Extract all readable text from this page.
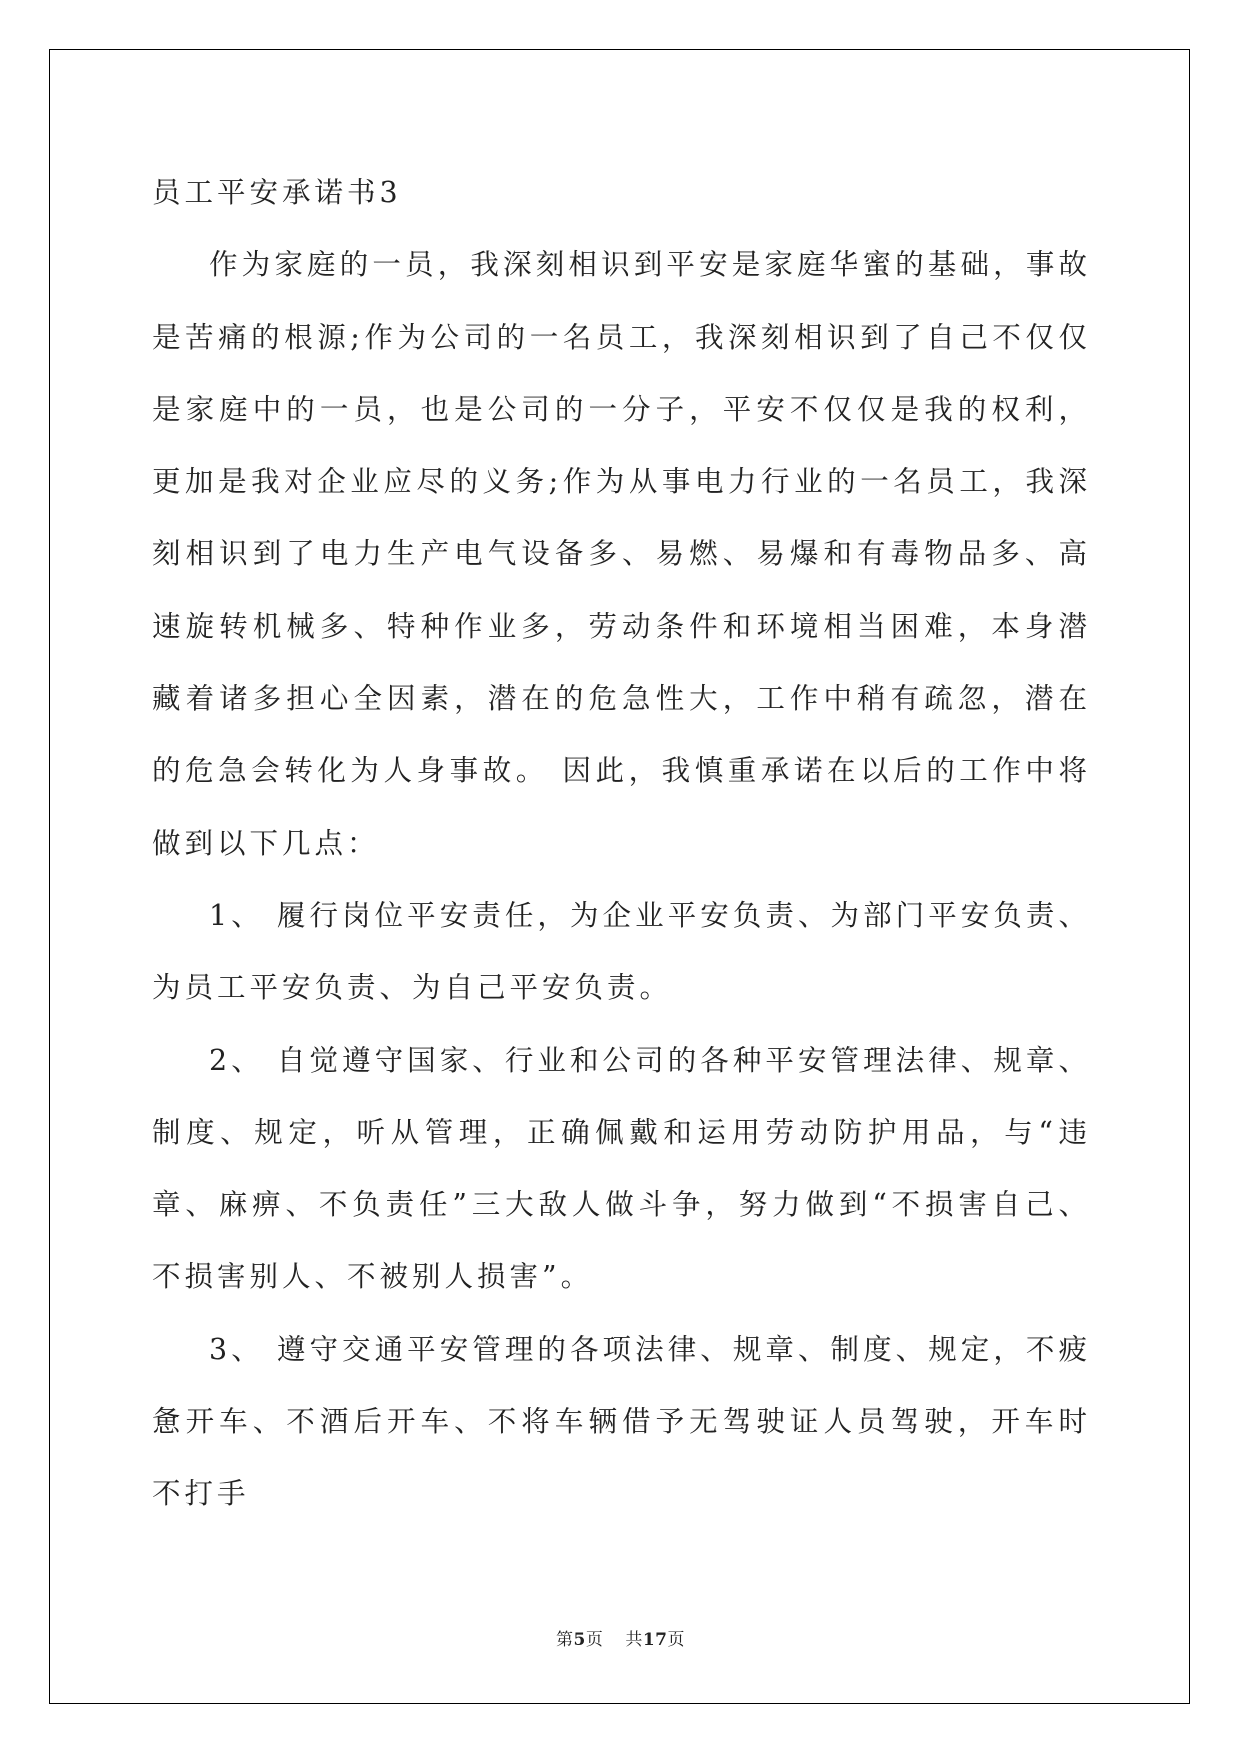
员工平安承诺书3

作为家庭的一员，我深刻相识到平安是家庭华蜜的基础，事故是苦痛的根源;作为公司的一名员工，我深刻相识到了自己不仅仅是家庭中的一员，也是公司的一分子，平安不仅仅是我的权利，更加是我对企业应尽的义务;作为从事电力行业的一名员工，我深刻相识到了电力生产电气设备多、易燃、易爆和有毒物品多、高速旋转机械多、特种作业多，劳动条件和环境相当困难，本身潜藏着诸多担心全因素，潜在的危急性大，工作中稍有疏忽，潜在的危急会转化为人身事故。 因此，我慎重承诺在以后的工作中将做到以下几点：

1、 履行岗位平安责任，为企业平安负责、为部门平安负责、为员工平安负责、为自己平安负责。

2、 自觉遵守国家、行业和公司的各种平安管理法律、规章、制度、规定，听从管理，正确佩戴和运用劳动防护用品，与“违章、麻痹、不负责任”三大敌人做斗争，努力做到“不损害自己、不损害别人、不被别人损害”。

3、 遵守交通平安管理的各项法律、规章、制度、规定，不疲惫开车、不酒后开车、不将车辆借予无驾驶证人员驾驶，开车时不打手

第5页 共17页
